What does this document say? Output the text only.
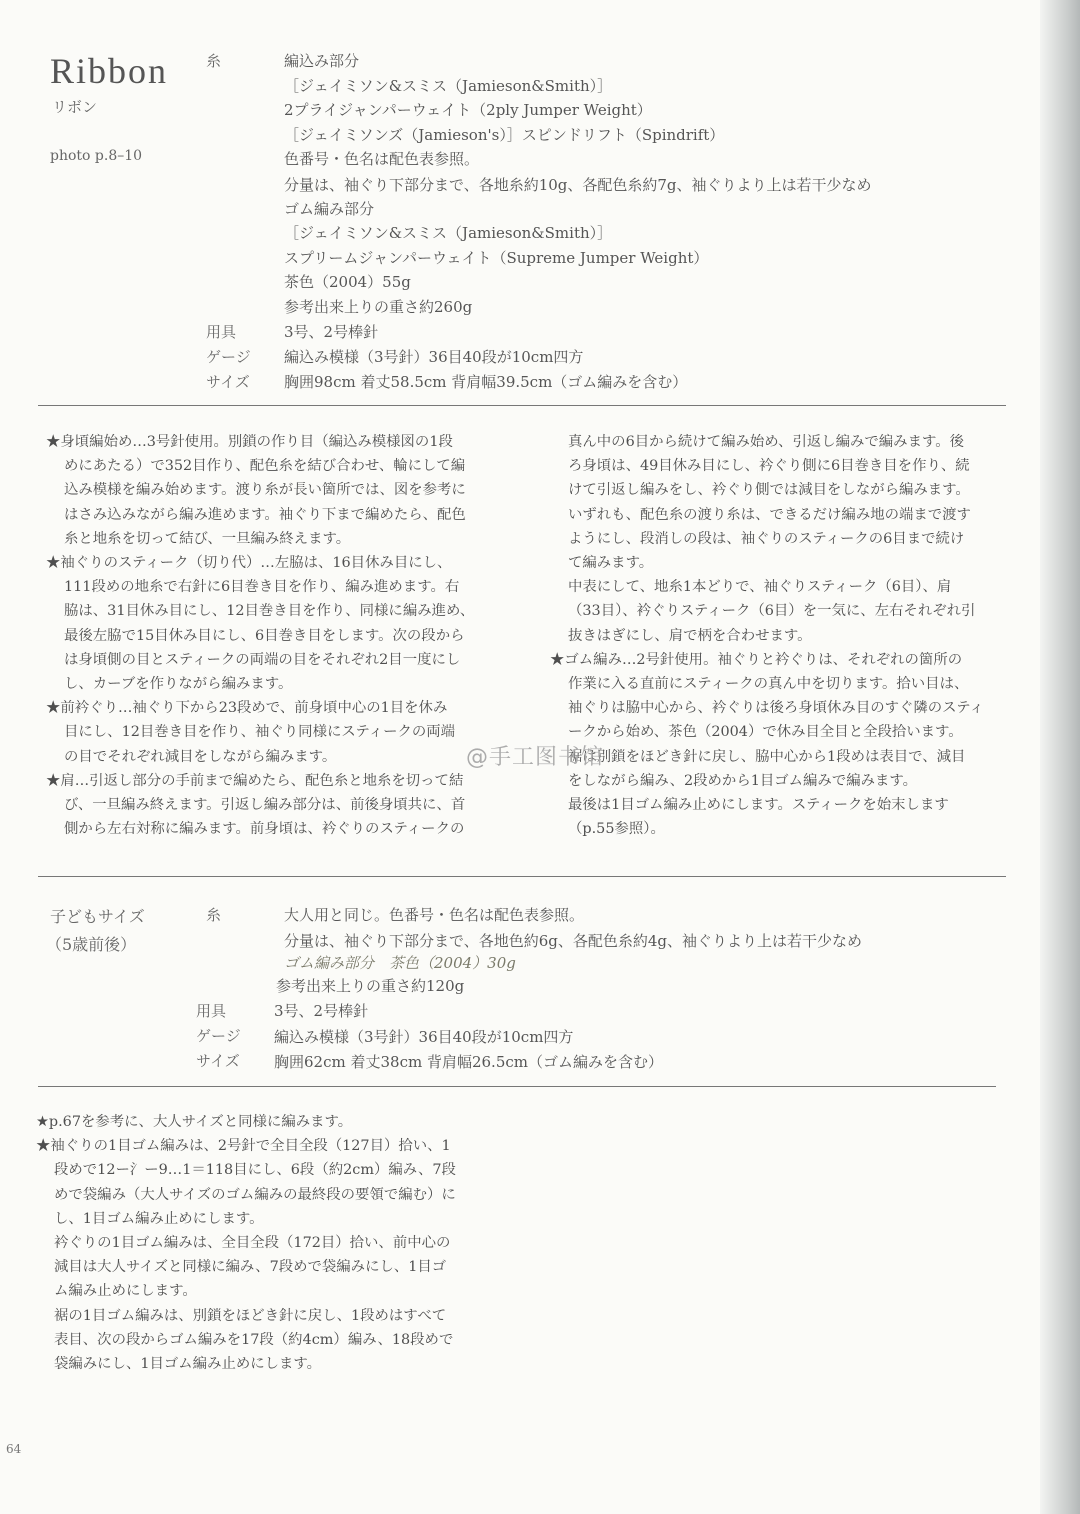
Ribbon
リボン
photo p.8–10
糸	編込み部分
［ジェイミソン&スミス（Jamieson&Smith）］
2プライジャンパーウェイト（2ply Jumper Weight）
［ジェイミソンズ（Jamieson's）］スピンドリフト（Spindrift）
色番号・色名は配色表参照。
分量は、袖ぐり下部分まで、各地糸約10g、各配色糸約7g、袖ぐりより上は若干少なめ
ゴム編み部分
［ジェイミソン&スミス（Jamieson&Smith）］
スプリームジャンパーウェイト（Supreme Jumper Weight）
茶色（2004）55g
参考出来上りの重さ約260g
用具	3号、2号棒針
ゲージ 編込み模様（3号針）36目40段が10cm四方
サイズ 胸囲98cm 着丈58.5cm 背肩幅39.5cm（ゴム編みを含む）

★身頃編始め…3号針使用。別鎖の作り目（編込み模様図の1段

めにあたる）で352目作り、配色糸を結び合わせ、輪にして編

込み模様を編み始めます。渡り糸が長い箇所では、図を参考に

はさみ込みながら編み進めます。袖ぐり下まで編めたら、配色

糸と地糸を切って結び、一旦編み終えます。

★袖ぐりのスティーク（切り代）…左脇は、16目休み目にし、

111段めの地糸で右針に6目巻き目を作り、編み進めます。右

脇は、31目休み目にし、12目巻き目を作り、同様に編み進め、

最後左脇で15目休み目にし、6目巻き目をします。次の段から

は身頃側の目とスティークの両端の目をそれぞれ2目一度にし

し、カーブを作りながら編みます。

★前衿ぐり…袖ぐり下から23段めで、前身頃中心の1目を休み

目にし、12目巻き目を作り、袖ぐり同様にスティークの両端

の目でそれぞれ減目をしながら編みます。

★肩…引返し部分の手前まで編めたら、配色糸と地糸を切って結

び、一旦編み終えます。引返し編み部分は、前後身頃共に、首

側から左右対称に編みます。前身頃は、衿ぐりのスティークの

真ん中の6目から続けて編み始め、引返し編みで編みます。後

ろ身頃は、49目休み目にし、衿ぐり側に6目巻き目を作り、続

けて引返し編みをし、衿ぐり側では減目をしながら編みます。

いずれも、配色糸の渡り糸は、できるだけ編み地の端まで渡す

ようにし、段消しの段は、袖ぐりのスティークの6目まで続け

て編みます。

中表にして、地糸1本どりで、袖ぐりスティーク（6目）、肩

（33目）、衿ぐりスティーク（6目）を一気に、左右それぞれ引

抜きはぎにし、肩で柄を合わせます。

★ゴム編み…2号針使用。袖ぐりと衿ぐりは、それぞれの箇所の

作業に入る直前にスティークの真ん中を切ります。拾い目は、

袖ぐりは脇中心から、衿ぐりは後ろ身頃休み目のすぐ隣のスティ

ークから始め、茶色（2004）で休み目全目と全段拾います。

裾は別鎖をほどき針に戻し、脇中心から1段めは表目で、減目

をしながら編み、2段めから1目ゴム編みで編みます。

最後は1目ゴム編み止めにします。スティークを始末します

（p.55参照）。

@手工图书馆
子どもサイズ
（5歳前後）
糸	大人用と同じ。色番号・色名は配色表参照。
分量は、袖ぐり下部分まで、各地色約6g、各配色糸約4g、袖ぐりより上は若干少なめ
ゴム編み部分　茶色（2004）30g
参考出来上りの重さ約120g
用具	3号、2号棒針
ゲージ 編込み模様（3号針）36目40段が10cm四方
サイズ 胸囲62cm 着丈38cm 背肩幅26.5cm（ゴム編みを含む）

★p.67を参考に、大人サイズと同様に編みます。

★袖ぐりの1目ゴム編みは、2号針で全目全段（127目）拾い、1

段めで12ー氵ー9…1＝118目にし、6段（約2cm）編み、7段

めで袋編み（大人サイズのゴム編みの最終段の要領で編む）に

し、1目ゴム編み止めにします。

衿ぐりの1目ゴム編みは、全目全段（172目）拾い、前中心の

減目は大人サイズと同様に編み、7段めで袋編みにし、1目ゴ

ム編み止めにします。

裾の1目ゴム編みは、別鎖をほどき針に戻し、1段めはすべて

表目、次の段からゴム編みを17段（約4cm）編み、18段めで

袋編みにし、1目ゴム編み止めにします。

64
